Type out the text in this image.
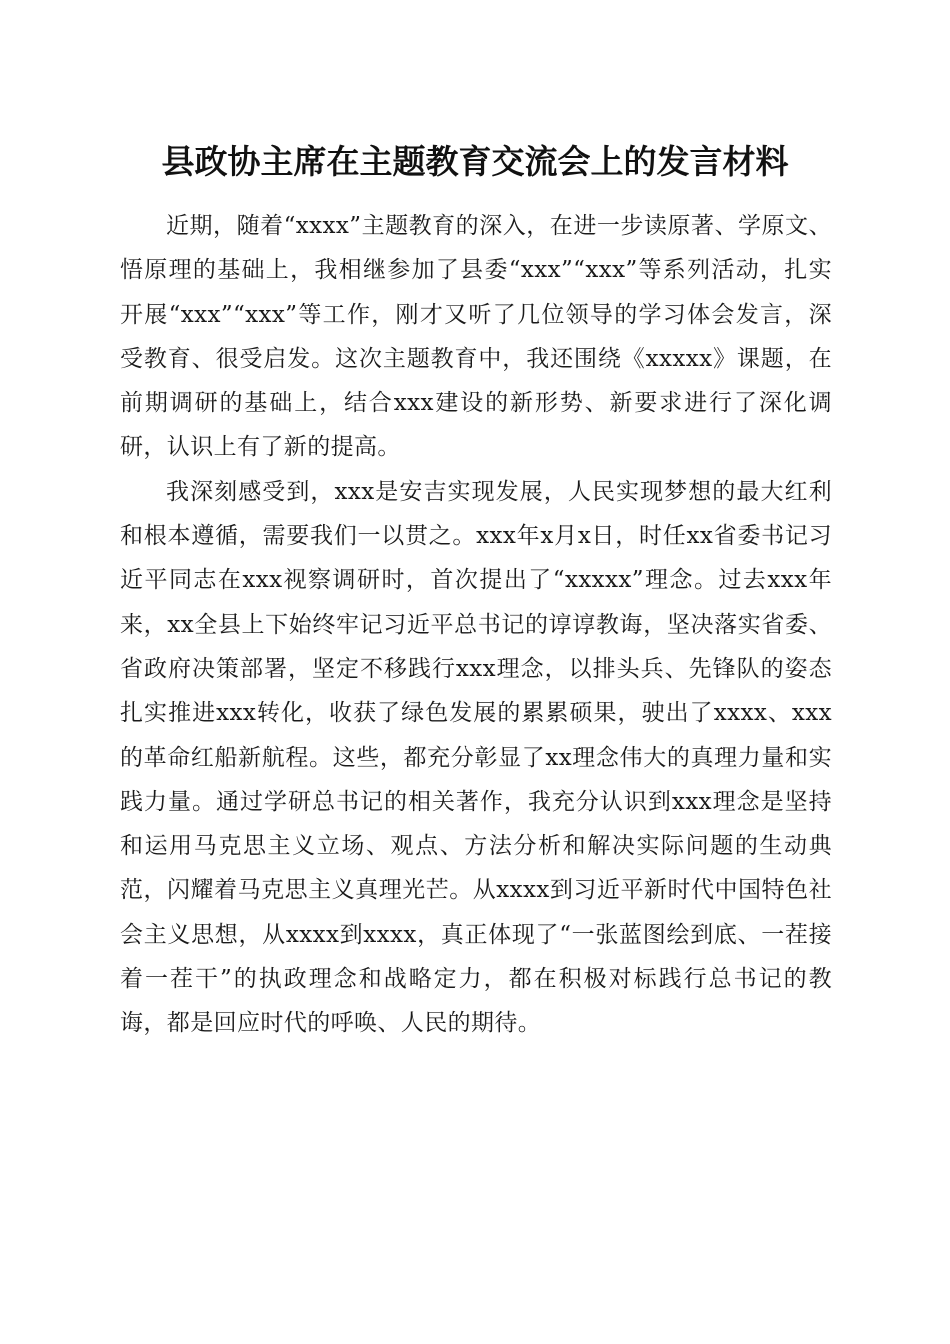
县政协主席在主题教育交流会上的发言材料

近期，随着“xxxx”主题教育的深入，在进一步读原著、学原文、悟原理的基础上，我相继参加了县委“xxx”“xxx”等系列活动，扎实开展“xxx”“xxx”等工作，刚才又听了几位领导的学习体会发言，深受教育、很受启发。这次主题教育中，我还围绕《xxxxx》课题，在前期调研的基础上，结合xxx建设的新形势、新要求进行了深化调研，认识上有了新的提高。

我深刻感受到，xxx是安吉实现发展，人民实现梦想的最大红利和根本遵循，需要我们一以贯之。xxx年x月x日，时任xx省委书记习近平同志在xxx视察调研时，首次提出了“xxxxx”理念。过去xxx年来，xx全县上下始终牢记习近平总书记的谆谆教诲，坚决落实省委、省政府决策部署，坚定不移践行xxx理念，以排头兵、先锋队的姿态扎实推进xxx转化，收获了绿色发展的累累硕果，驶出了xxxx、xxx的革命红船新航程。这些，都充分彰显了xx理念伟大的真理力量和实践力量。通过学研总书记的相关著作，我充分认识到xxx理念是坚持和运用马克思主义立场、观点、方法分析和解决实际问题的生动典范，闪耀着马克思主义真理光芒。从xxxx到习近平新时代中国特色社会主义思想，从xxxx到xxxx，真正体现了“一张蓝图绘到底、一茬接着一茬干”的执政理念和战略定力，都在积极对标践行总书记的教诲，都是回应时代的呼唤、人民的期待。
